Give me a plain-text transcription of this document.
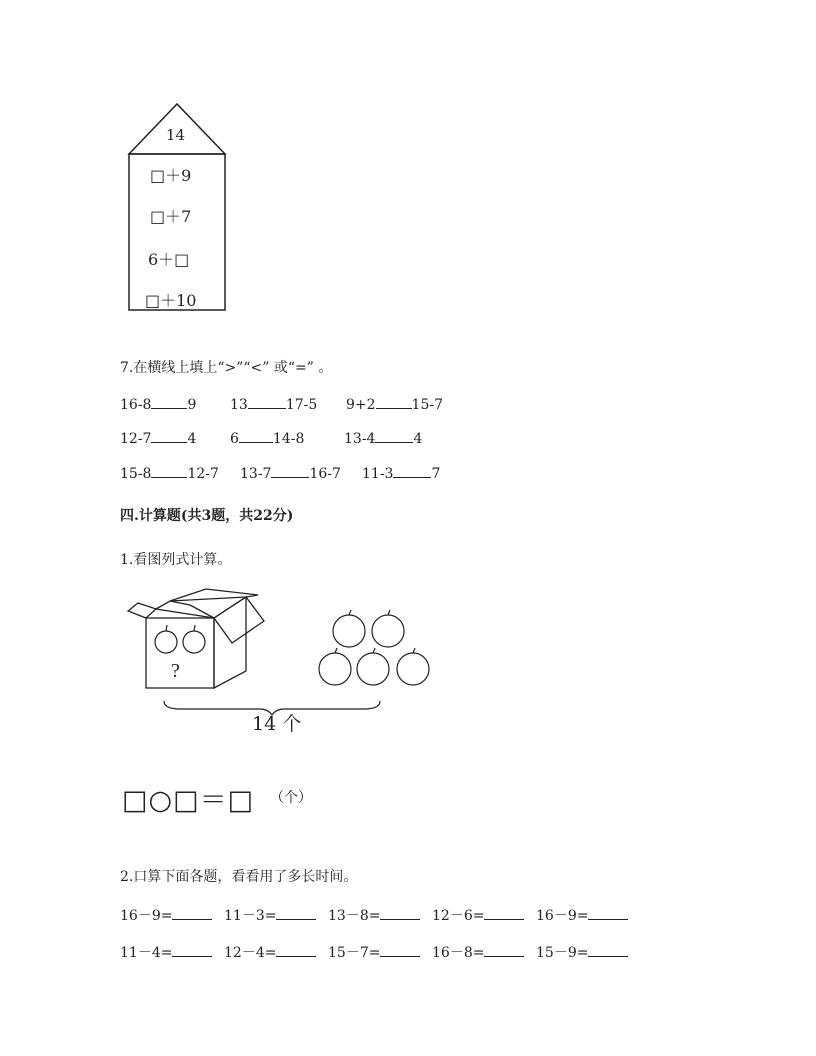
14
□＋9
□＋7
6＋□
□＋10
7.在横线上填上“>”“<” 或“=” 。
16-8	9 13	17-5 9+2	15-7
12-7	4 6 14-8	13-4	4
15-8	12-7 13-7	16-7 11-3	7
四.计算题(共3题，共22分)
1.看图列式计算。
?
14 个
□○□＝□ （个）
2.口算下面各题，看看用了多长时间。
16－9=	11－3=	13－8=	12－6=	16－9=
11－4=	12－4=	15－7=	16－8=	15－9=
